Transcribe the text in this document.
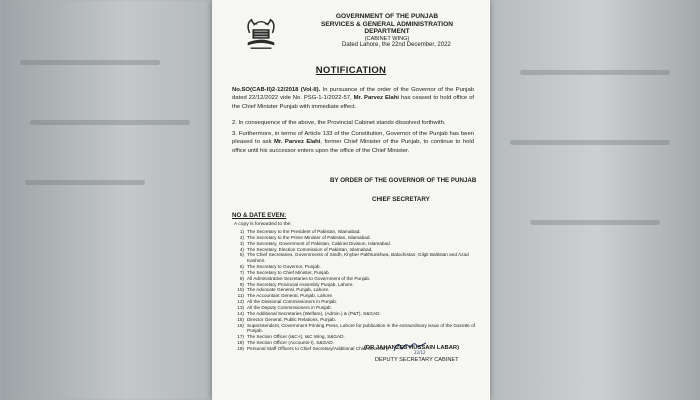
GOVERNMENT OF THE PUNJAB
SERVICES & GENERAL ADMINISTRATION
DEPARTMENT
(CABINET WING)
Dated Lahore, the 22nd December, 2022
NOTIFICATION
No.SO(CAB-II)2-12/2018 (Vol-II). In pursuance of the order of the Governor of the Punjab dated 22/12/2022 vide No. PSG-1-1/2022-57, Mr. Parvez Elahi has ceased to hold office of the Chief Minister Punjab with immediate effect.
2. In consequence of the above, the Provincial Cabinet stands dissolved forthwith.
3. Furthermore, in terms of Article 133 of the Constitution, Governor of the Punjab has been pleased to ask Mr. Parvez Elahi, former Chief Minister of the Punjab, to continue to hold office until his successor enters upon the office of the Chief Minister.
BY ORDER OF THE GOVERNOR OF THE PUNJAB
CHIEF SECRETARY
NO & DATE EVEN:
A copy is forwarded to the:
1) The Secretary to the President of Pakistan, Islamabad.
2) The Secretary to the Prime Minister of Pakistan, Islamabad.
3) The Secretary, Government of Pakistan, Cabinet Division, Islamabad.
4) The Secretary, Election Commission of Pakistan, Islamabad.
5) The Chief Secretaries, Governments of Sindh, Khyber Pakhtunkhwa, Balochistan, Gilgit Baltistan and Azad Kashmir.
6) The Secretary to Governor, Punjab.
7) The Secretary to Chief Minister, Punjab.
8) All Administrative Secretaries to Government of the Punjab.
9) The Secretary Provincial Assembly Punjab, Lahore.
10) The Advocate General, Punjab, Lahore.
11) The Accountant General, Punjab, Lahore.
12) All the Divisional Commissioners in Punjab.
13) All the Deputy Commissioners in Punjab.
14) The Additional Secretaries (Welfare), (Admin.) & (P&T), S&GAD.
15) Director General, Public Relations, Punjab.
16) Superintendent, Government Printing Press, Lahore for publication in the extraordinary issue of the Gazette of Punjab.
17) The Section Officer (I&C-I), I&C Wing, S&GAD.
18) The Section Officer (Accounts-I), S&GAD.
19) Personal Staff Officers to Chief Secretary/Additional Chief Secretary.
22/12
(DR JAHANZEB HUSSAIN LABAR)
DEPUTY SECRETARY CABINET
